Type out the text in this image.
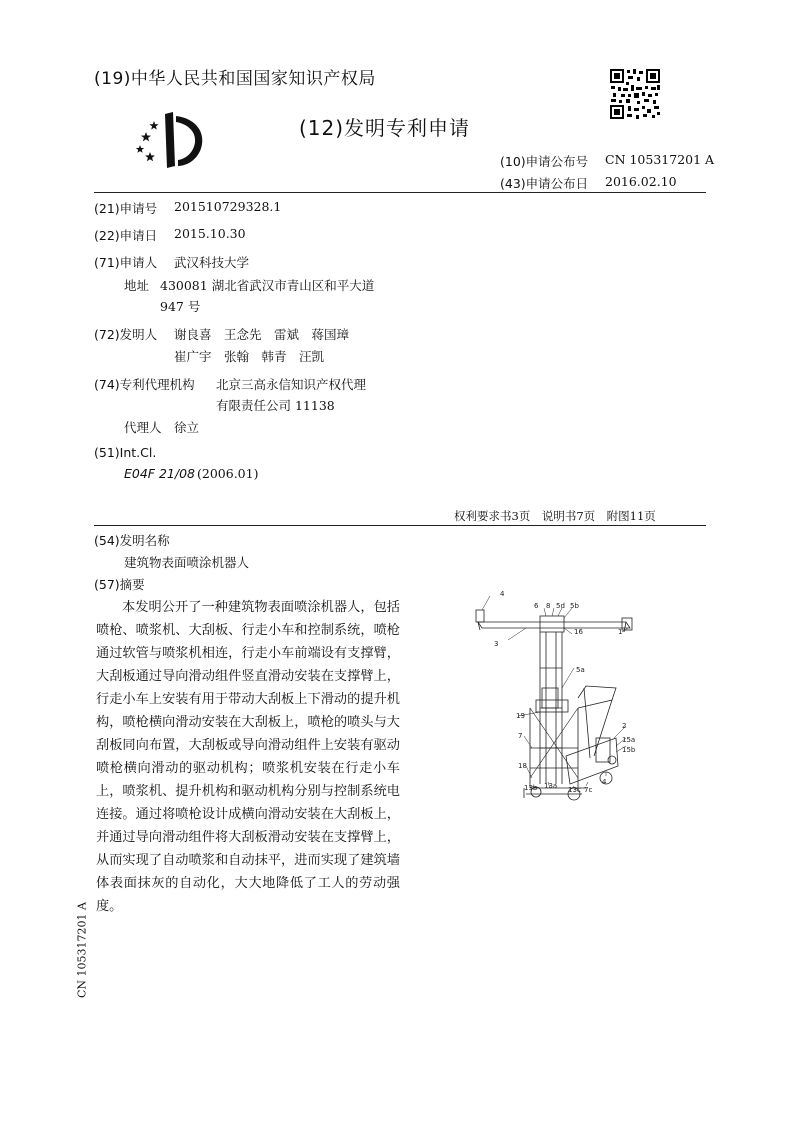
(19)中华人民共和国国家知识产权局
(12)发明专利申请
(10)申请公布号 CN 105317201 A
(43)申请公布日 2016.02.10
(21)申请号 201510729328.1
(22)申请日 2015.10.30
(71)申请人 武汉科技大学
地址 430081 湖北省武汉市青山区和平大道
947 号
(72)发明人 谢良喜　王念先　雷斌　蒋国璋
崔广宇　张翰　韩青　汪凯
(74)专利代理机构 北京三高永信知识产权代理
有限责任公司 11138
代理人 徐立
(51)Int.Cl.
E04F 21/08 (2006.01)
权利要求书3页　说明书7页　附图11页
(54)发明名称
建筑物表面喷涂机器人
(57)摘要

本发明公开了一种建筑物表面喷涂机器人，包括喷枪、喷浆机、大刮板、行走小车和控制系统，喷枪通过软管与喷浆机相连，行走小车前端设有支撑臂，大刮板通过导向滑动组件竖直滑动安装在支撑臂上，行走小车上安装有用于带动大刮板上下滑动的提升机构，喷枪横向滑动安装在大刮板上，喷枪的喷头与大刮板同向布置，大刮板或导向滑动组件上安装有驱动喷枪横向滑动的驱动机构；喷浆机安装在行走小车上，喷浆机、提升机构和驱动机构分别与控制系统电连接。通过将喷枪设计成横向滑动安装在大刮板上，并通过导向滑动组件将大刮板滑动安装在支撑臂上，从而实现了自动喷浆和自动抹平，进而实现了建筑墙体表面抹灰的自动化，大大地降低了工人的劳动强度。

4
6 8 5d 5b
16	1
3
5a
19
7
2
15a
15b
18
4
13b 13a 13c 7c
CN 105317201 A
